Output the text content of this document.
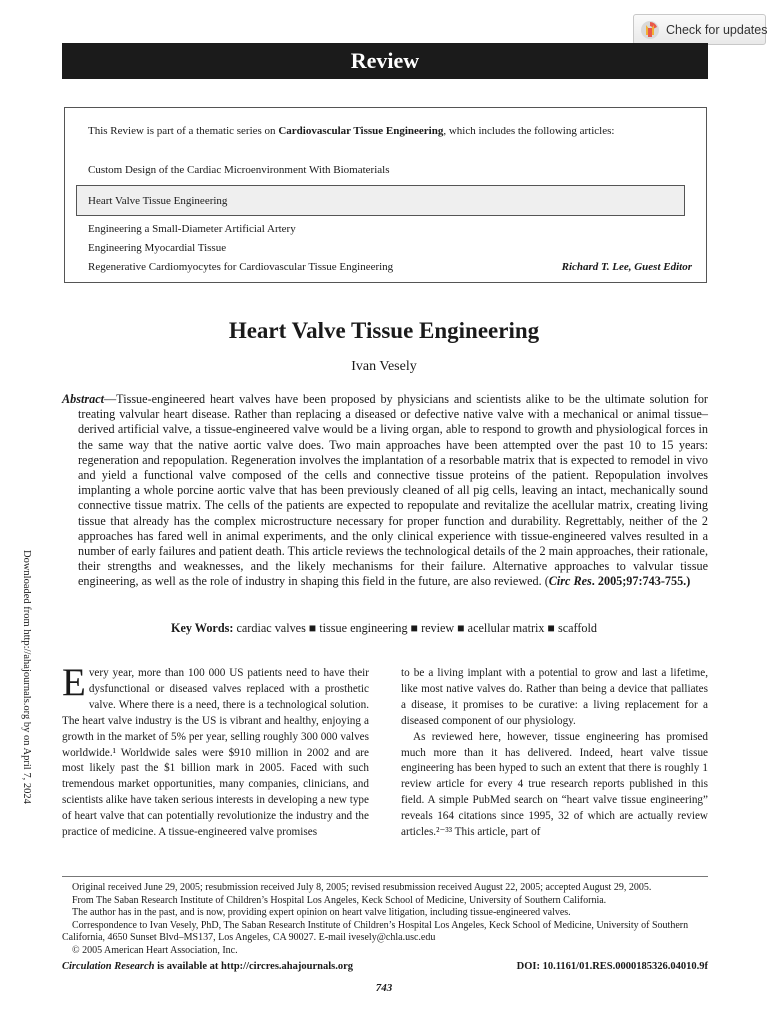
Check for updates
Review
This Review is part of a thematic series on Cardiovascular Tissue Engineering, which includes the following articles:
Custom Design of the Cardiac Microenvironment With Biomaterials
Heart Valve Tissue Engineering
Engineering a Small-Diameter Artificial Artery
Engineering Myocardial Tissue
Regenerative Cardiomyocytes for Cardiovascular Tissue Engineering	Richard T. Lee, Guest Editor
Heart Valve Tissue Engineering
Ivan Vesely
Abstract—Tissue-engineered heart valves have been proposed by physicians and scientists alike to be the ultimate solution for treating valvular heart disease. Rather than replacing a diseased or defective native valve with a mechanical or animal tissue– derived artificial valve, a tissue-engineered valve would be a living organ, able to respond to growth and physiological forces in the same way that the native aortic valve does. Two main approaches have been attempted over the past 10 to 15 years: regeneration and repopulation. Regeneration involves the implantation of a resorbable matrix that is expected to remodel in vivo and yield a functional valve composed of the cells and connective tissue proteins of the patient. Repopulation involves implanting a whole porcine aortic valve that has been previously cleaned of all pig cells, leaving an intact, mechanically sound connective tissue matrix. The cells of the patients are expected to repopulate and revitalize the acellular matrix, creating living tissue that already has the complex microstructure necessary for proper function and durability. Regrettably, neither of the 2 approaches has fared well in animal experiments, and the only clinical experience with tissue-engineered valves resulted in a number of early failures and patient death. This article reviews the technological details of the 2 main approaches, their rationale, their strengths and weaknesses, and the likely mechanisms for their failure. Alternative approaches to valvular tissue engineering, as well as the role of industry in shaping this field in the future, are also reviewed. (Circ Res. 2005;97:743-755.)
Key Words: cardiac valves ■ tissue engineering ■ review ■ acellular matrix ■ scaffold
Downloaded from http://ahajournals.org by on April 7, 2024 Every year, more than 100 000 US patients need to have their dysfunctional or diseased valves replaced with a prosthetic valve. Where there is a need, there is a technological solution. The heart valve industry is the US is vibrant and healthy, enjoying a growth in the market of 5% per year, selling roughly 300 000 valves worldwide.¹ Worldwide sales were $910 million in 2002 and are most likely past the $1 billion mark in 2005. Faced with such tremendous market opportunities, many companies, clinicians, and scientists alike have taken serious interests in developing a new type of heart valve that can potentially revolutionize the industry and the practice of medicine. A tissue-engineered valve promises

to be a living implant with a potential to grow and last a lifetime, like most native valves do. Rather than being a device that palliates a disease, it promises to be curative: a living replacement for a diseased component of our physiology.

As reviewed here, however, tissue engineering has promised much more than it has delivered. Indeed, heart valve tissue engineering has been hyped to such an extent that there is roughly 1 review article for every 4 true research reports published in this field. A simple PubMed search on “heart valve tissue engineering” reveals 164 citations since 1995, 32 of which are actually review articles.²⁻³³ This article, part of

Original received June 29, 2005; resubmission received July 8, 2005; revised resubmission received August 22, 2005; accepted August 29, 2005.
From The Saban Research Institute of Children’s Hospital Los Angeles, Keck School of Medicine, University of Southern California.
The author has in the past, and is now, providing expert opinion on heart valve litigation, including tissue-engineered valves.
Correspondence to Ivan Vesely, PhD, The Saban Research Institute of Children’s Hospital Los Angeles, Keck School of Medicine, University of Southern California, 4650 Sunset Blvd–MS137, Los Angeles, CA 90027. E-mail ivesely@chla.usc.edu
© 2005 American Heart Association, Inc.
Circulation Research is available at http://circres.ahajournals.org	DOI: 10.1161/01.RES.0000185326.04010.9f
743
